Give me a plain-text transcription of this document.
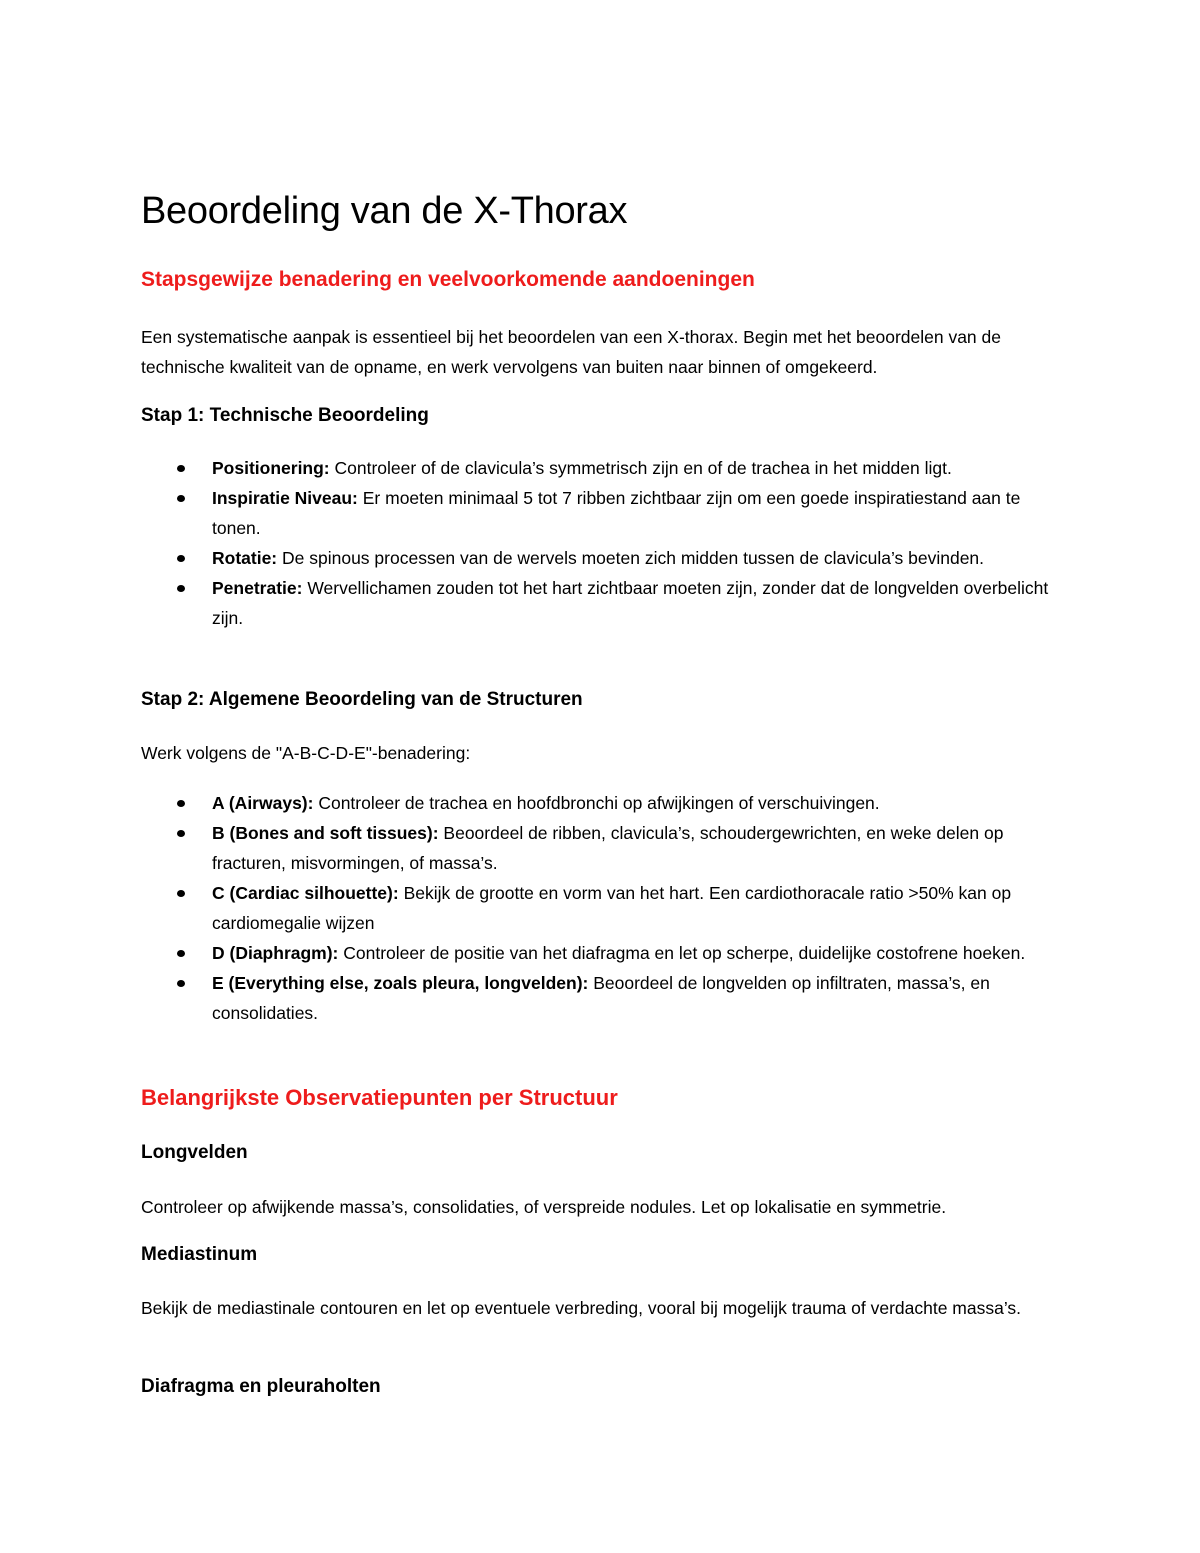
Beoordeling van de X-Thorax
Stapsgewijze benadering en veelvoorkomende aandoeningen

Een systematische aanpak is essentieel bij het beoordelen van een X-thorax. Begin met het beoordelen van de technische kwaliteit van de opname, en werk vervolgens van buiten naar binnen of omgekeerd.

Stap 1: Technische Beoordeling
Positionering: Controleer of de clavicula’s symmetrisch zijn en of de trachea in het midden ligt.
Inspiratie Niveau: Er moeten minimaal 5 tot 7 ribben zichtbaar zijn om een goede inspiratiestand aan te tonen.
Rotatie: De spinous processen van de wervels moeten zich midden tussen de clavicula’s bevinden.
Penetratie: Wervellichamen zouden tot het hart zichtbaar moeten zijn, zonder dat de longvelden overbelicht zijn.
Stap 2: Algemene Beoordeling van de Structuren

Werk volgens de "A-B-C-D-E"-benadering:

A (Airways): Controleer de trachea en hoofdbronchi op afwijkingen of verschuivingen.
B (Bones and soft tissues): Beoordeel de ribben, clavicula’s, schoudergewrichten, en weke delen op fracturen, misvormingen, of massa’s.
C (Cardiac silhouette): Bekijk de grootte en vorm van het hart. Een cardiothoracale ratio >50% kan op cardiomegalie wijzen
D (Diaphragm): Controleer de positie van het diafragma en let op scherpe, duidelijke costofrene hoeken.
E (Everything else, zoals pleura, longvelden): Beoordeel de longvelden op infiltraten, massa’s, en consolidaties.
Belangrijkste Observatiepunten per Structuur
Longvelden

Controleer op afwijkende massa’s, consolidaties, of verspreide nodules. Let op lokalisatie en symmetrie.

Mediastinum

Bekijk de mediastinale contouren en let op eventuele verbreding, vooral bij mogelijk trauma of verdachte massa’s.

Diafragma en pleuraholten
